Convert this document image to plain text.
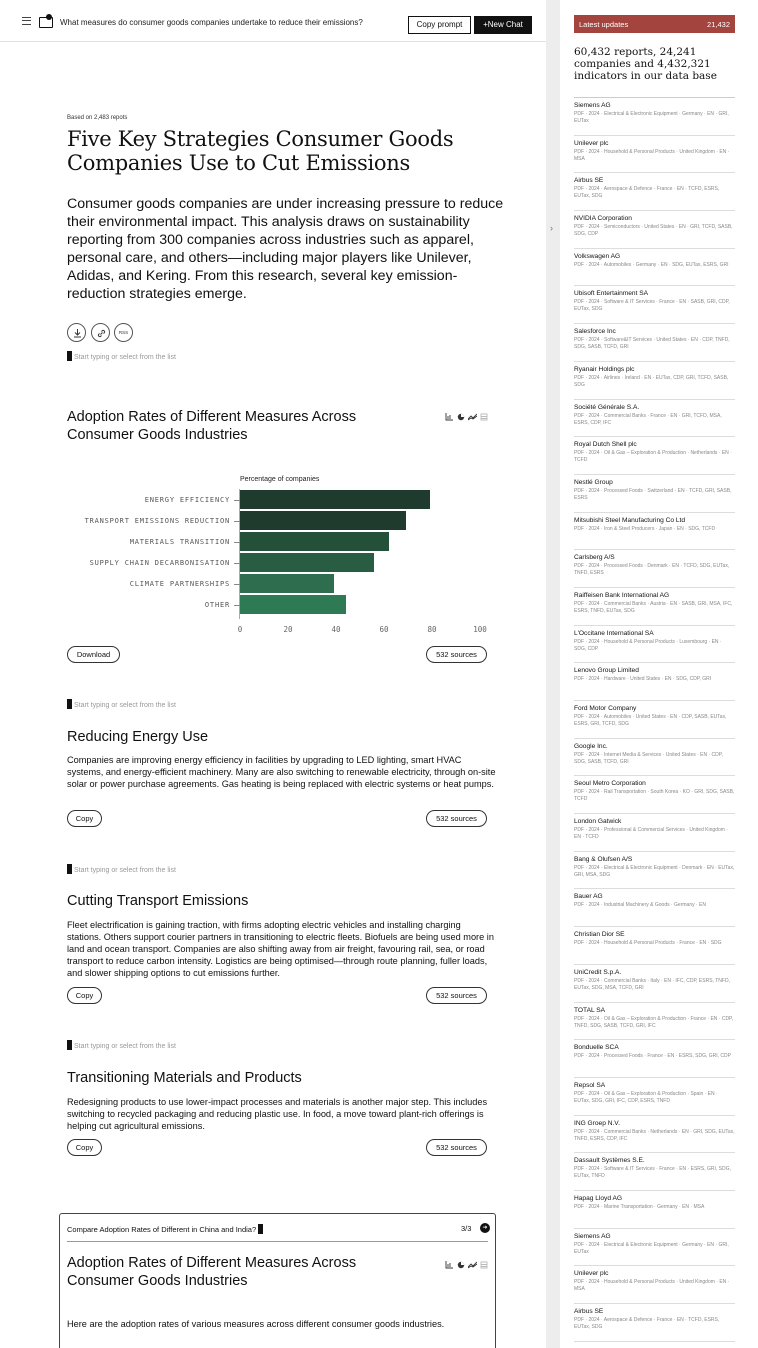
What measures do consumer goods companies undertake to reduce their emissions?	Copy prompt	+New Chat
Based on 2,483 repots
Five Key Strategies Consumer Goods Companies Use to Cut Emissions
Consumer goods companies are under increasing pressure to reduce their environmental impact. This analysis draws on sustainability reporting from 300 companies across industries such as apparel, personal care, and others—including major players like Unilever, Adidas, and Kering. From this research, several key emission-reduction strategies emerge.
RSS
Start typing or select from the list
Adoption Rates of Different Measures Across Consumer Goods Industries
Percentage of companies
ENERGY EFFICIENCY
TRANSPORT EMISSIONS REDUCTION
MATERIALS TRANSITION
SUPPLY CHAIN DECARBONISATION
CLIMATE PARTNERSHIPS
OTHER
0	20	40	60	80	100
Download	532 sources
Start typing or select from the list
Reducing Energy Use
Companies are improving energy efficiency in facilities by upgrading to LED lighting, smart HVAC systems, and energy-efficient machinery. Many are also switching to renewable electricity, through on-site solar or power purchase agreements. Gas heating is being replaced with electric systems or heat pumps.
Copy	532 sources
Start typing or select from the list
Cutting Transport Emissions
Fleet electrification is gaining traction, with firms adopting electric vehicles and installing charging stations. Others support courier partners in transitioning to electric fleets. Biofuels are being used more in land and ocean transport. Companies are also shifting away from air freight, favouring rail, sea, or road transport to reduce carbon intensity. Logistics are being optimised—through route planning, fuller loads, and slower shipping options to cut emissions further.
Copy	532 sources
Start typing or select from the list
Transitioning Materials and Products
Redesigning products to use lower-impact processes and materials is another major step. This includes switching to recycled packaging and reducing plastic use. In food, a move toward plant-rich offerings is helping cut agricultural emissions.
Copy	532 sources
Compare Adoption Rates of Different in China and India?	3/3	➜
Adoption Rates of Different Measures Across Consumer Goods Industries
Here are the adoption rates of various measures across different consumer goods industries.
›
Latest updates	21,432
60,432 reports, 24,241 companies and 4,432,321 indicators in our data base
Siemens AG
PDF · 2024 · Electrical & Electronic Equipment · Germany · EN · GRI, EUTax
Unilever plc
PDF · 2024 · Household & Personal Products · United Kingdom · EN · MSA
Airbus SE
PDF · 2024 · Aerospace & Defence · France · EN · TCFD, ESRS, EUTax, SDG
NVIDIA Corporation
PDF · 2024 · Semiconductors · United States · EN · GRI, TCFD, SASB, SDG, CDP
Volkswagen AG
PDF · 2024 · Automobiles · Germany · EN · SDG, EUTax, ESRS, GRI
Ubisoft Entertainment SA
PDF · 2024 · Software & IT Services · France · EN · SASB, GRI, CDP, EUTax, SDG
Salesforce Inc
PDF · 2024 · Software&IT Services · United States · EN · CDP, TNFD, SDG, SASB, TCFD, GRI
Ryanair Holdings plc
PDF · 2024 · Airlines · Ireland · EN · EUTax, CDP, GRI, TCFD, SASB, SDG
Société Générale S.A.
PDF · 2024 · Commercial Banks · France · EN · GRI, TCFD, MSA, ESRS, CDP, IFC
Royal Dutch Shell plc
PDF · 2024 · Oil & Gas – Exploration & Production · Netherlands · EN · TCFD
Nestlé Group
PDF · 2024 · Processed Foods · Switzerland · EN · TCFD, GRI, SASB, ESRS
Mitsubishi Steel Manufacturing Co Ltd
PDF · 2024 · Iron & Steel Producers · Japan · EN · SDG, TCFD
Carlsberg A/S
PDF · 2024 · Processed Foods · Denmark · EN · TCFD, SDG, EUTax, TNFD, ESRS
Raiffeisen Bank International AG
PDF · 2024 · Commercial Banks · Austria · EN · SASB, GRI, MSA, IFC, ESRS, TNFD, EUTax, SDG
L'Occitane International SA
PDF · 2024 · Household & Personal Products · Luxembourg · EN · SDG, CDP
Lenovo Group Limited
PDF · 2024 · Hardware · United States · EN · SDG, CDP, GRI
Ford Motor Company
PDF · 2024 · Automobiles · United States · EN · CDP, SASB, EUTax, ESRS, GRI, TCFD, SDG
Google Inc.
PDF · 2024 · Internet Media & Services · United States · EN · CDP, SDG, SASB, TCFD, GRI
Seoul Metro Corporation
PDF · 2024 · Rail Transportation · South Korea · KO · GRI, SDG, SASB, TCFD
London Gatwick
PDF · 2024 · Professional & Commercial Services · United Kingdom · EN · TCFD
Bang & Olufsen A/S
PDF · 2024 · Electrical & Electronic Equipment · Denmark · EN · EUTax, GRI, MSA, SDG
Bauer AG
PDF · 2024 · Industrial Machinery & Goods · Germany · EN
Christian Dior SE
PDF · 2024 · Household & Personal Products · France · EN · SDG
UniCredit S.p.A.
PDF · 2024 · Commercial Banks · Italy · EN · IFC, CDP, ESRS, TNFD, EUTax, SDG, MSA, TCFD, GRI
TOTAL SA
PDF · 2024 · Oil & Gas – Exploration & Production · France · EN · CDP, TNFD, SDG, SASB, TCFD, GRI, IFC
Bonduelle SCA
PDF · 2024 · Processed Foods · France · EN · ESRS, SDG, GRI, CDP
Repsol SA
PDF · 2024 · Oil & Gas – Exploration & Production · Spain · EN · EUTax, SDG, GRI, IFC, CDP, ESRS, TNFD
ING Groep N.V.
PDF · 2024 · Commercial Banks · Netherlands · EN · GRI, SDG, EUTax, TNFD, ESRS, CDP, IFC
Dassault Systèmes S.E.
PDF · 2024 · Software & IT Services · France · EN · ESRS, GRI, SDG, EUTax, TNFD
Hapag Lloyd AG
PDF · 2024 · Marine Transportation · Germany · EN · MSA
Siemens AG
PDF · 2024 · Electrical & Electronic Equipment · Germany · EN · GRI, EUTax
Unilever plc
PDF · 2024 · Household & Personal Products · United Kingdom · EN · MSA
Airbus SE
PDF · 2024 · Aerospace & Defence · France · EN · TCFD, ESRS, EUTax, SDG
